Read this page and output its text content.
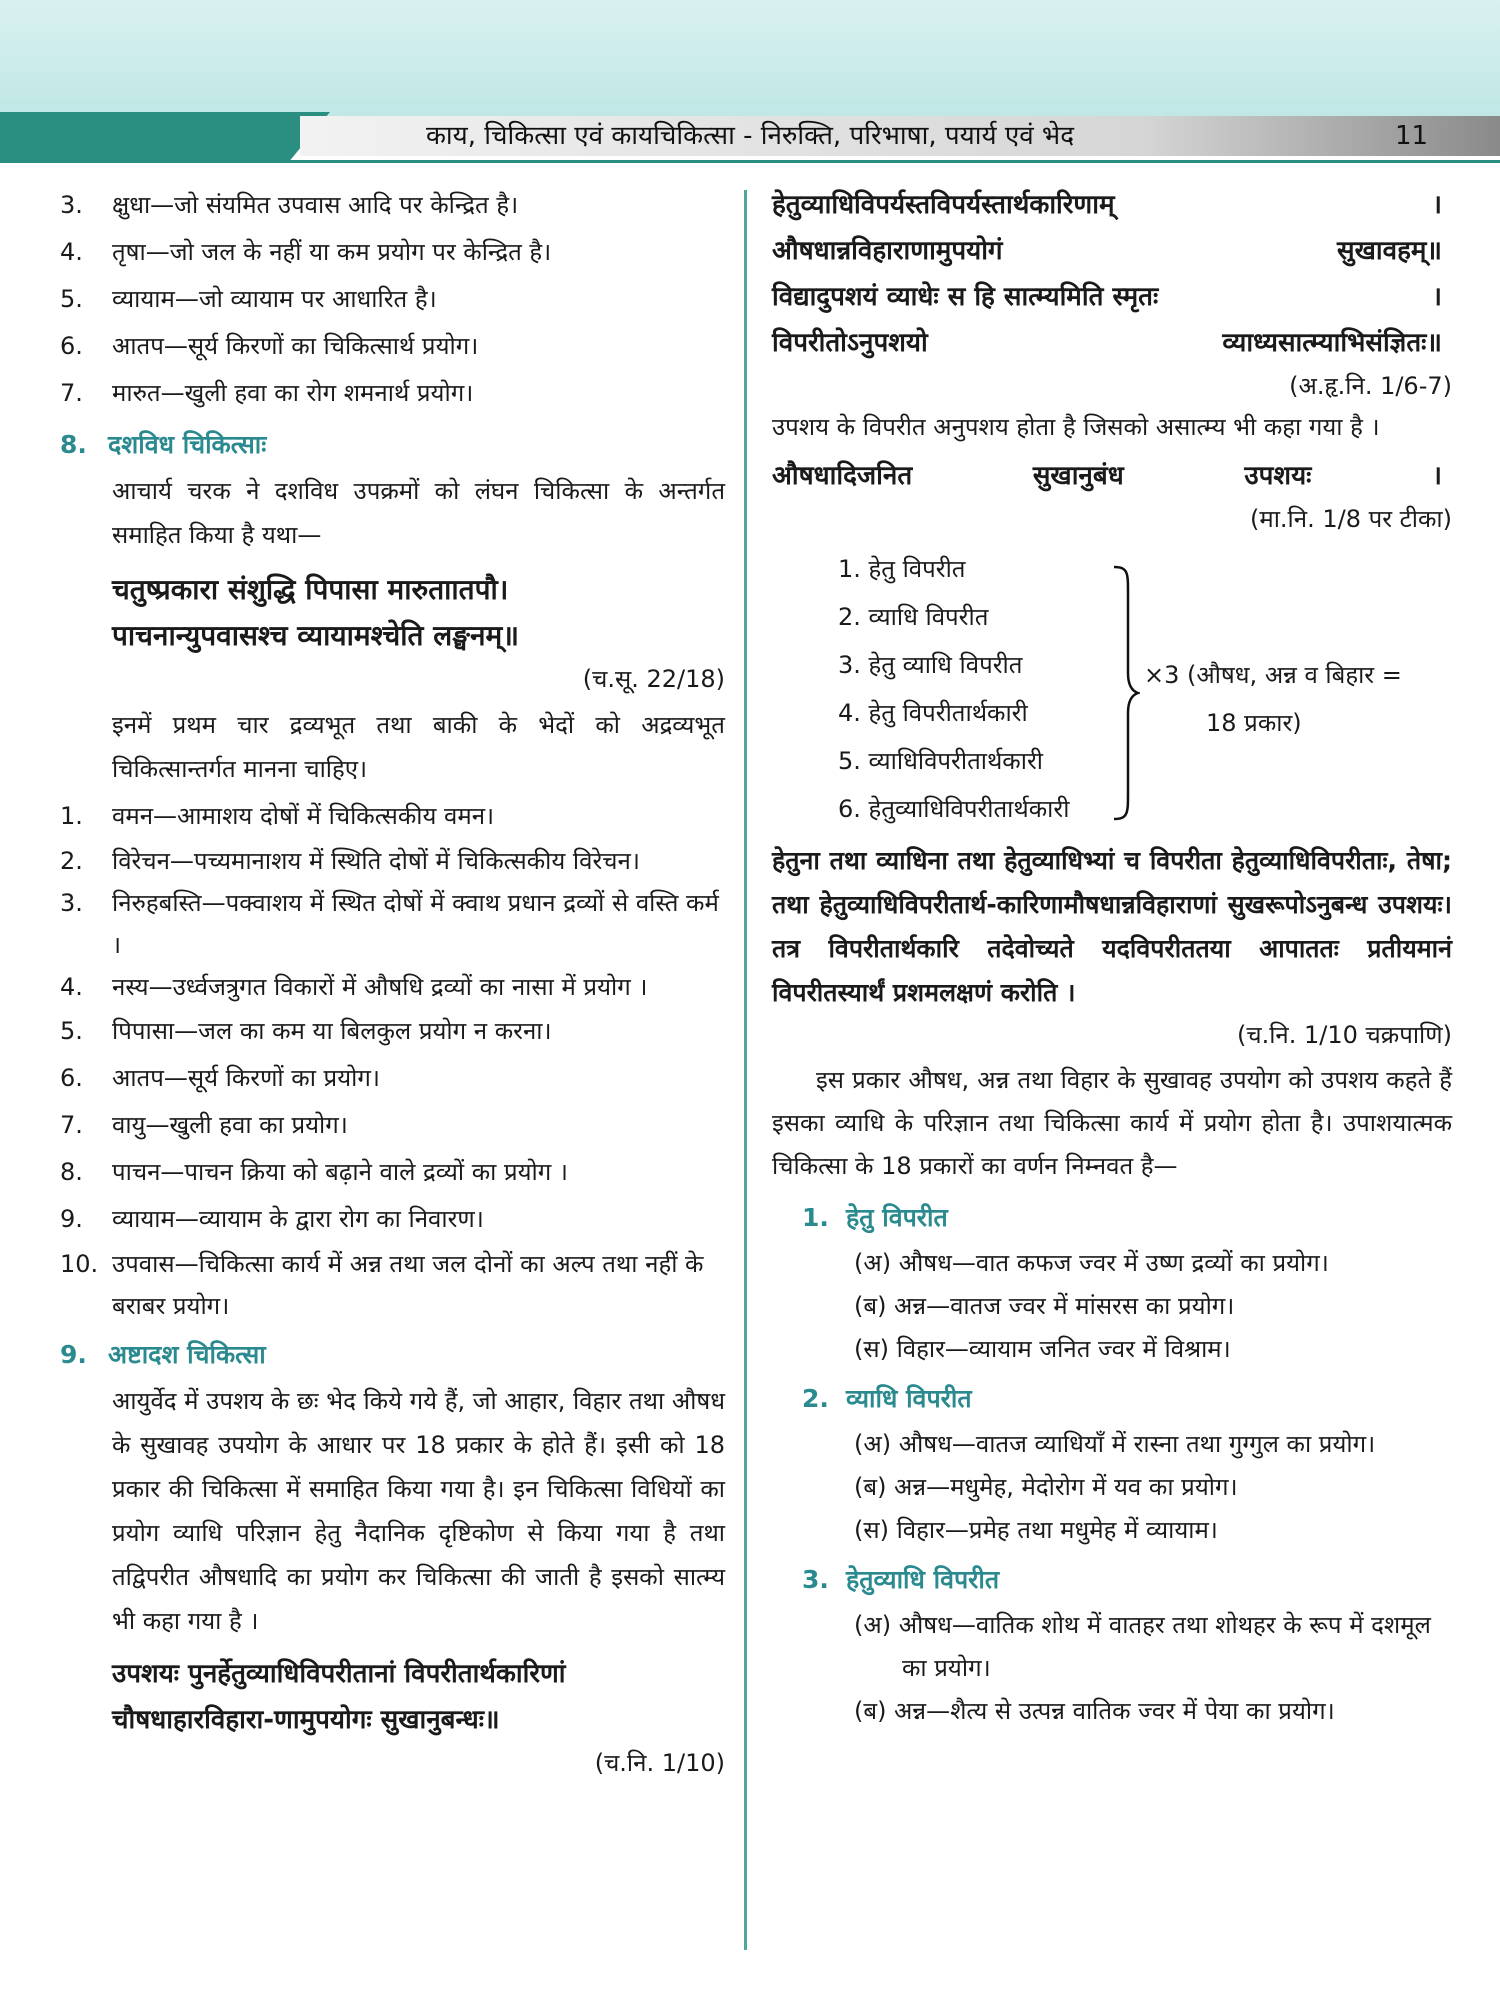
काय, चिकित्सा एवं कायचिकित्सा - निरुक्ति, परिभाषा, पयार्य एवं भेद	11
3. क्षुधा—जो संयमित उपवास आदि पर केन्द्रित है।
4. तृषा—जो जल के नहीं या कम प्रयोग पर केन्द्रित है।
5. व्यायाम—जो व्यायाम पर आधारित है।
6. आतप—सूर्य किरणों का चिकित्सार्थ प्रयोग।
7. मारुत—खुली हवा का रोग शमनार्थ प्रयोग।
8. दशविध चिकित्साः
आचार्य चरक ने दशविध उपक्रमों को लंघन चिकित्सा के अन्तर्गत समाहित किया है यथा—
चतुष्प्रकारा संशुद्धि पिपासा मारुताातपौ।
पाचनान्युपवासश्च व्यायामश्चेति लङ्घनम्॥
(च.सू. 22/18)
इनमें प्रथम चार द्रव्यभूत तथा बाकी के भेदों को अद्रव्यभूत चिकित्सान्तर्गत मानना चाहिए।
1. वमन—आमाशय दोषों में चिकित्सकीय वमन।
2. विरेचन—पच्यमानाशय में स्थिति दोषों में चिकित्सकीय विरेचन।
3. निरुहबस्ति—पक्वाशय में स्थित दोषों में क्वाथ प्रधान द्रव्यों से वस्ति कर्म ।
4. नस्य—उर्ध्वजत्रुगत विकारों में औषधि द्रव्यों का नासा में प्रयोग ।
5. पिपासा—जल का कम या बिलकुल प्रयोग न करना।
6. आतप—सूर्य किरणों का प्रयोग।
7. वायु—खुली हवा का प्रयोग।
8. पाचन—पाचन क्रिया को बढ़ाने वाले द्रव्यों का प्रयोग ।
9. व्यायाम—व्यायाम के द्वारा रोग का निवारण।
10. उपवास—चिकित्सा कार्य में अन्न तथा जल दोनों का अल्प तथा नहीं के बराबर प्रयोग।
9. अष्टादश चिकित्सा
आयुर्वेद में उपशय के छः भेद किये गये हैं, जो आहार, विहार तथा औषध के सुखावह उपयोग के आधार पर 18 प्रकार के होते हैं। इसी को 18 प्रकार की चिकित्सा में समाहित किया गया है। इन चिकित्सा विधियों का प्रयोग व्याधि परिज्ञान हेतु नैदानिक दृष्टिकोण से किया गया है तथा तद्विपरीत औषधादि का प्रयोग कर चिकित्सा की जाती है इसको सात्म्य भी कहा गया है ।
उपशयः पुनर्हेतुव्याधिविपरीतानां विपरीतार्थकारिणां
चौषधाहारविहारा-णामुपयोगः सुखानुबन्धः॥
(च.नि. 1/10)
हेतुव्याधिविपर्यस्तविपर्यस्तार्थकारिणाम्	।
औषधान्नविहाराणामुपयोगं	सुखावहम्॥
विद्यादुपशयं व्याधेः स हि सात्म्यमिति स्मृतः	।
विपरीतोऽनुपशयो	व्याध्यसात्म्याभिसंज्ञितः॥
(अ.हृ.नि. 1/6-7)
उपशय के विपरीत अनुपशय होता है जिसको असात्म्य भी कहा गया है ।
औषधादिजनित	सुखानुबंध	उपशयः	।
(मा.नि. 1/8 पर टीका)
1. हेतु विपरीत
2. व्याधि विपरीत
3. हेतु व्याधि विपरीत
4. हेतु विपरीतार्थकारी
5. व्याधिविपरीतार्थकारी
6. हेतुव्याधिविपरीतार्थकारी
×3 (औषध, अन्न व बिहार =
18 प्रकार)
हेतुना तथा व्याधिना तथा हेतुव्याधिभ्यां च विपरीता हेतुव्याधिविपरीताः, तेषा; तथा हेतुव्याधिविपरीतार्थ-कारिणामौषधान्नविहाराणां सुखरूपोऽनुबन्ध उपशयः। तत्र विपरीतार्थकारि तदेवोच्यते यदविपरीततया आपाततः प्रतीयमानं विपरीतस्यार्थं प्रशमलक्षणं करोति ।
(च.नि. 1/10 चक्रपाणि)
इस प्रकार औषध, अन्न तथा विहार के सुखावह उपयोग को उपशय कहते हैं इसका व्याधि के परिज्ञान तथा चिकित्सा कार्य में प्रयोग होता है। उपाशयात्मक चिकित्सा के 18 प्रकारों का वर्णन निम्नवत है—
1. हेतु विपरीत
(अ) औषध—वात कफज ज्वर में उष्ण द्रव्यों का प्रयोग।
(ब) अन्न—वातज ज्वर में मांसरस का प्रयोग।
(स) विहार—व्यायाम जनित ज्वर में विश्राम।
2. व्याधि विपरीत
(अ) औषध—वातज व्याधियाँ में रास्ना तथा गुग्गुल का प्रयोग।
(ब) अन्न—मधुमेह, मेदोरोग में यव का प्रयोग।
(स) विहार—प्रमेह तथा मधुमेह में व्यायाम।
3. हेतुव्याधि विपरीत
(अ) औषध—वातिक शोथ में वातहर तथा शोथहर के रूप में दशमूल का प्रयोग।
(ब) अन्न—शैत्य से उत्पन्न वातिक ज्वर में पेया का प्रयोग।
